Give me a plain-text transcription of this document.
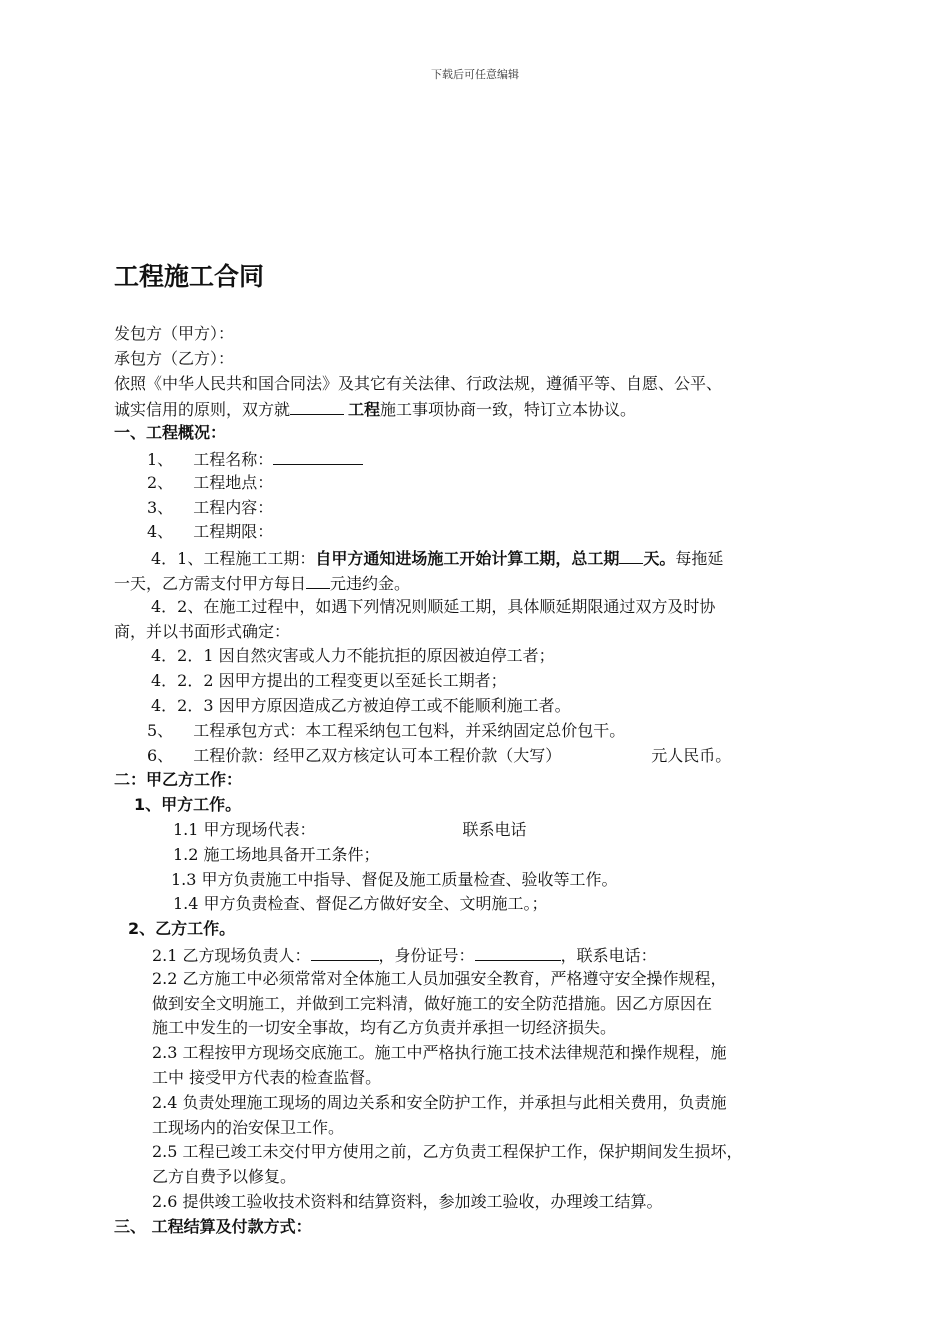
下载后可任意编辑
工程施工合同
发包方（甲方）：
承包方（乙方）：
依照《中华人民共和国合同法》及其它有关法律、行政法规，遵循平等、自愿、公平、
诚实信用的原则，双方就	工程施工事项协商一致，特订立本协议。
一、工程概况：
1、 工程名称：
2、 工程地点：
3、 工程内容：
4、 工程期限：
4．1、工程施工工期：自甲方通知进场施工开始计算工期，总工期 天。每拖延
一天，乙方需支付甲方每日 元违约金。
4．2、在施工过程中，如遇下列情况则顺延工期，具体顺延期限通过双方及时协
商，并以书面形式确定：
4．2．1 因自然灾害或人力不能抗拒的原因被迫停工者；
4．2．2 因甲方提出的工程变更以至延长工期者；
4．2．3 因甲方原因造成乙方被迫停工或不能顺利施工者。
5、 工程承包方式：本工程采纳包工包料，并采纳固定总价包干。
6、 工程价款：经甲乙双方核定认可本工程价款（大写）	元人民币。
二：甲乙方工作：
1、甲方工作。
1.1 甲方现场代表：	联系电话
1.2 施工场地具备开工条件；
1.3 甲方负责施工中指导、督促及施工质量检查、验收等工作。
1.4 甲方负责检查、督促乙方做好安全、文明施工。；
2、乙方工作。
2.1 乙方现场负责人：	，身份证号：	，联系电话：
2.2 乙方施工中必须常常对全体施工人员加强安全教育，严格遵守安全操作规程，
做到安全文明施工，并做到工完料清，做好施工的安全防范措施。因乙方原因在
施工中发生的一切安全事故，均有乙方负责并承担一切经济损失。
2.3 工程按甲方现场交底施工。施工中严格执行施工技术法律规范和操作规程，施
工中 接受甲方代表的检查监督。
2.4 负责处理施工现场的周边关系和安全防护工作，并承担与此相关费用，负责施
工现场内的治安保卫工作。
2.5 工程已竣工未交付甲方使用之前，乙方负责工程保护工作，保护期间发生损坏，
乙方自费予以修复。
2.6 提供竣工验收技术资料和结算资料，参加竣工验收，办理竣工结算。
三、 工程结算及付款方式：
